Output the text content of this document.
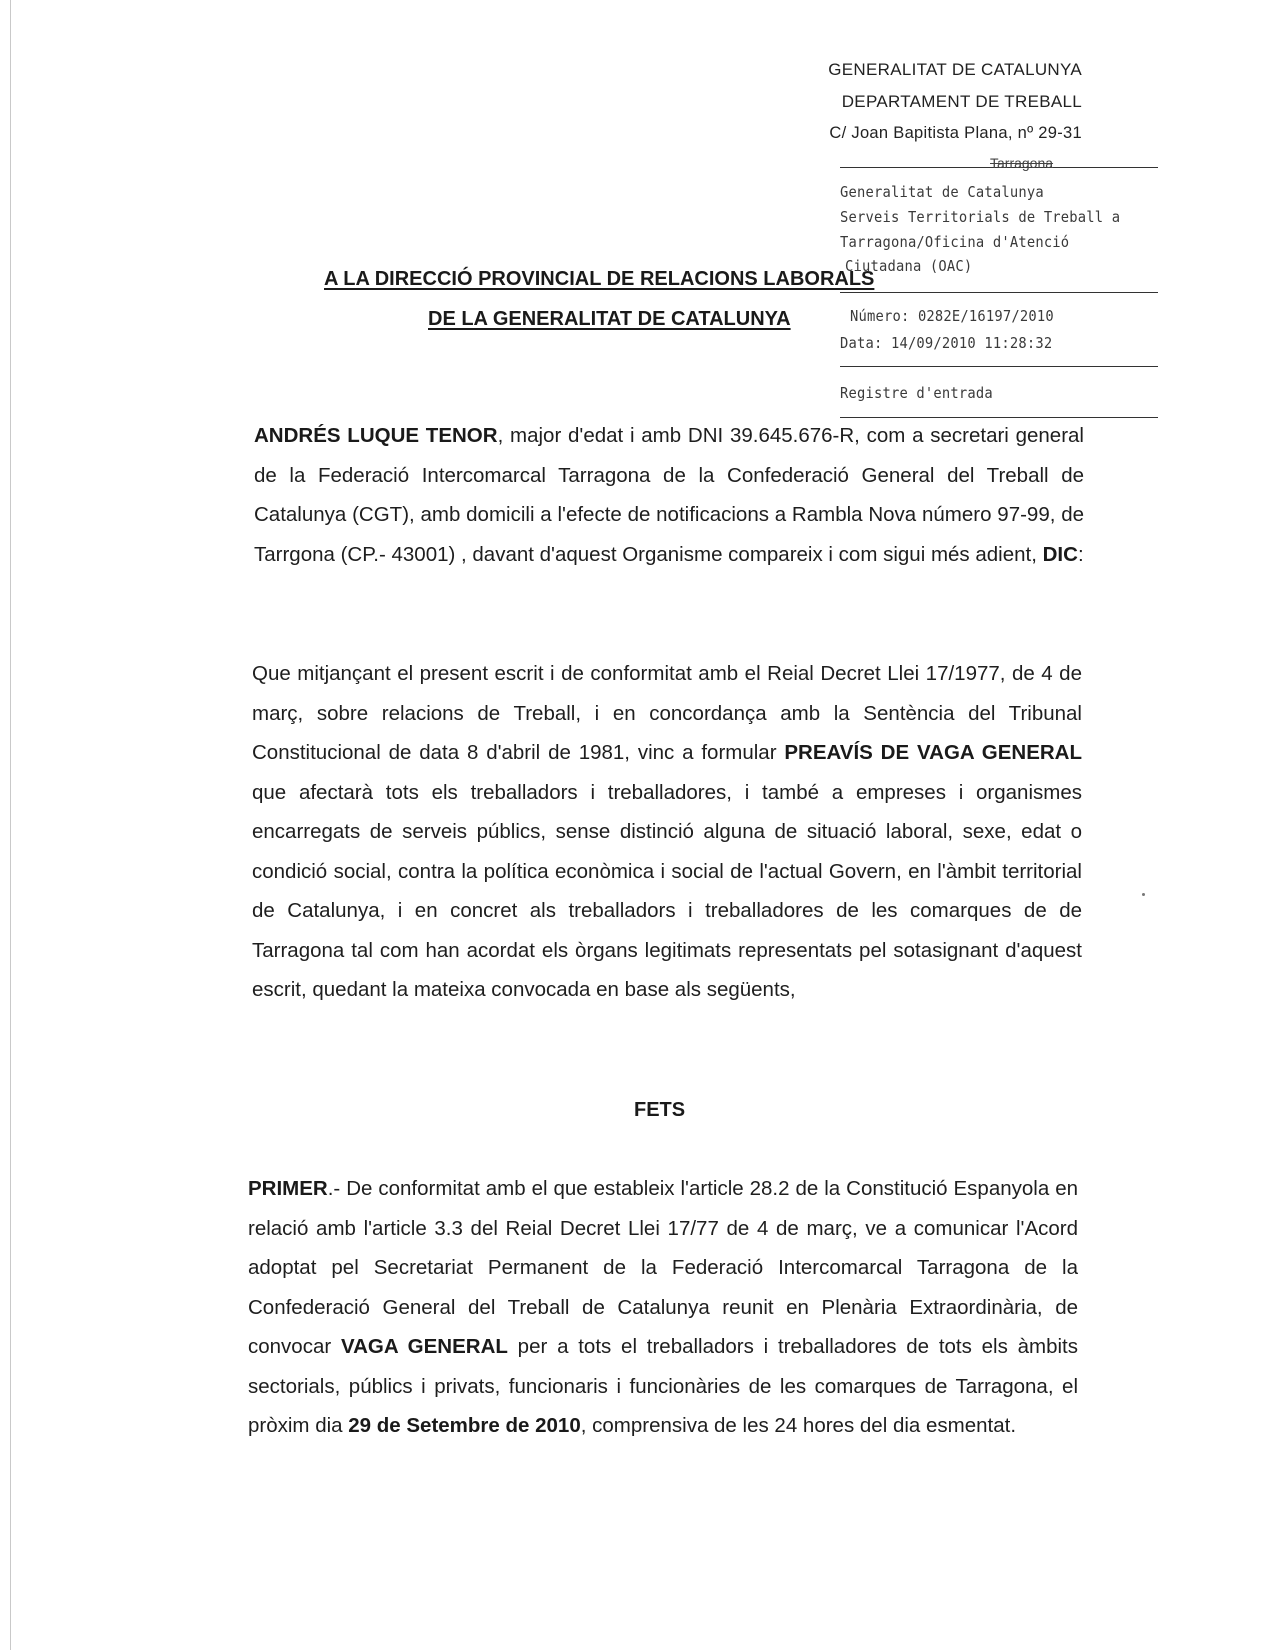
GENERALITAT DE CATALUNYA
DEPARTAMENT DE TREBALL
C/ Joan Bapitista Plana, nº 29-31
Tarragona
Generalitat de Catalunya
Serveis Territorials de Treball a
Tarragona/Oficina d'Atenció
Ciutadana (OAC)
Número: 0282E/16197/2010
Data: 14/09/2010 11:28:32
Registre d'entrada
A LA DIRECCIÓ PROVINCIAL DE RELACIONS LABORALS
DE LA GENERALITAT DE CATALUNYA
ANDRÉS LUQUE TENOR, major d'edat i amb DNI 39.645.676-R, com a secretari general de la Federació Intercomarcal Tarragona de la Confederació General del Treball de Catalunya (CGT), amb domicili a l'efecte de notificacions a Rambla Nova número 97-99, de Tarrgona (CP.- 43001) , davant d'aquest Organisme compareix i com sigui més adient, DIC:
Que mitjançant el present escrit i de conformitat amb el Reial Decret Llei 17/1977, de 4 de març, sobre relacions de Treball, i en concordança amb la Sentència del Tribunal Constitucional de data 8 d'abril de 1981, vinc a formular PREAVÍS DE VAGA GENERAL que afectarà tots els treballadors i treballadores, i també a empreses i organismes encarregats de serveis públics, sense distinció alguna de situació laboral, sexe, edat o condició social, contra la política econòmica i social de l'actual Govern, en l'àmbit territorial de Catalunya, i en concret als treballadors i treballadores de les comarques de de Tarragona tal com han acordat els òrgans legitimats representats pel sotasignant d'aquest escrit, quedant la mateixa convocada en base als següents,
FETS
PRIMER.- De conformitat amb el que estableix l'article 28.2 de la Constitució Espanyola en relació amb l'article 3.3 del Reial Decret Llei 17/77 de 4 de març, ve a comunicar l'Acord adoptat pel Secretariat Permanent de la Federació Intercomarcal Tarragona de la Confederació General del Treball de Catalunya reunit en Plenària Extraordinària, de convocar VAGA GENERAL per a tots el treballadors i treballadores de tots els àmbits sectorials, públics i privats, funcionaris i funcionàries de les comarques de Tarragona, el pròxim dia 29 de Setembre de 2010, comprensiva de les 24 hores del dia esmentat.
